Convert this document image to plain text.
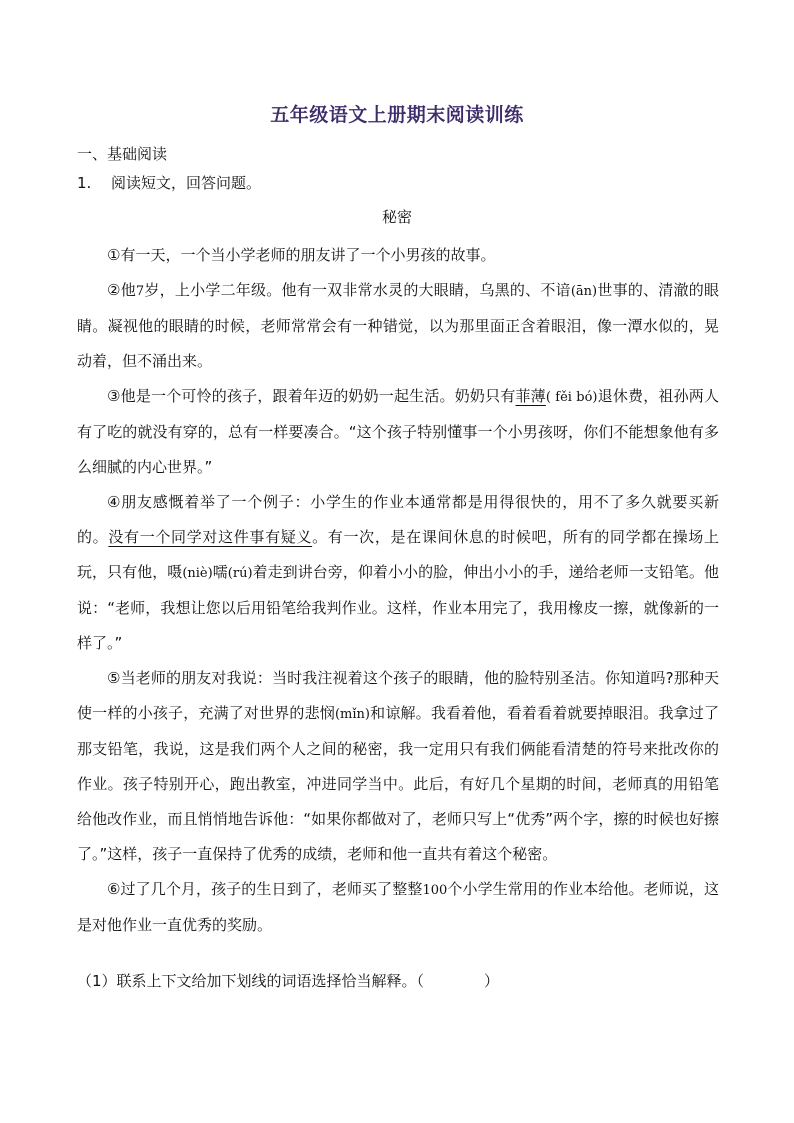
五年级语文上册期末阅读训练
一、基础阅读
1. 阅读短文，回答问题。
秘密

①有一天，一个当小学老师的朋友讲了一个小男孩的故事。

②他7岁，上小学二年级。他有一双非常水灵的大眼睛，乌黑的、不谙(ān)世事的、清澈的眼睛。凝视他的眼睛的时候，老师常常会有一种错觉，以为那里面正含着眼泪，像一潭水似的，晃动着，但不涌出来。

③他是一个可怜的孩子，跟着年迈的奶奶一起生活。奶奶只有菲薄( fěi bó)退休费，祖孙两人有了吃的就没有穿的，总有一样要凑合。“这个孩子特别懂事一个小男孩呀，你们不能想象他有多么细腻的内心世界。”

④朋友感慨着举了一个例子：小学生的作业本通常都是用得很快的，用不了多久就要买新的。没有一个同学对这件事有疑义。有一次，是在课间休息的时候吧，所有的同学都在操场上玩，只有他，嗫(niè)嚅(rú)着走到讲台旁，仰着小小的脸，伸出小小的手，递给老师一支铅笔。他说：“老师，我想让您以后用铅笔给我判作业。这样，作业本用完了，我用橡皮一擦，就像新的一样了。”

⑤当老师的朋友对我说：当时我注视着这个孩子的眼睛，他的脸特别圣洁。你知道吗?那种天使一样的小孩子，充满了对世界的悲悯(mǐn)和谅解。我看着他，看着看着就要掉眼泪。我拿过了那支铅笔，我说，这是我们两个人之间的秘密，我一定用只有我们俩能看清楚的符号来批改你的作业。孩子特别开心，跑出教室，冲进同学当中。此后，有好几个星期的时间，老师真的用铅笔给他改作业，而且悄悄地告诉他：“如果你都做对了，老师只写上“优秀”两个字，擦的时候也好擦了。”这样，孩子一直保持了优秀的成绩，老师和他一直共有着这个秘密。

⑥过了几个月，孩子的生日到了，老师买了整整100个小学生常用的作业本给他。老师说，这是对他作业一直优秀的奖励。

（1）联系上下文给加下划线的词语选择恰当解释。（	）
